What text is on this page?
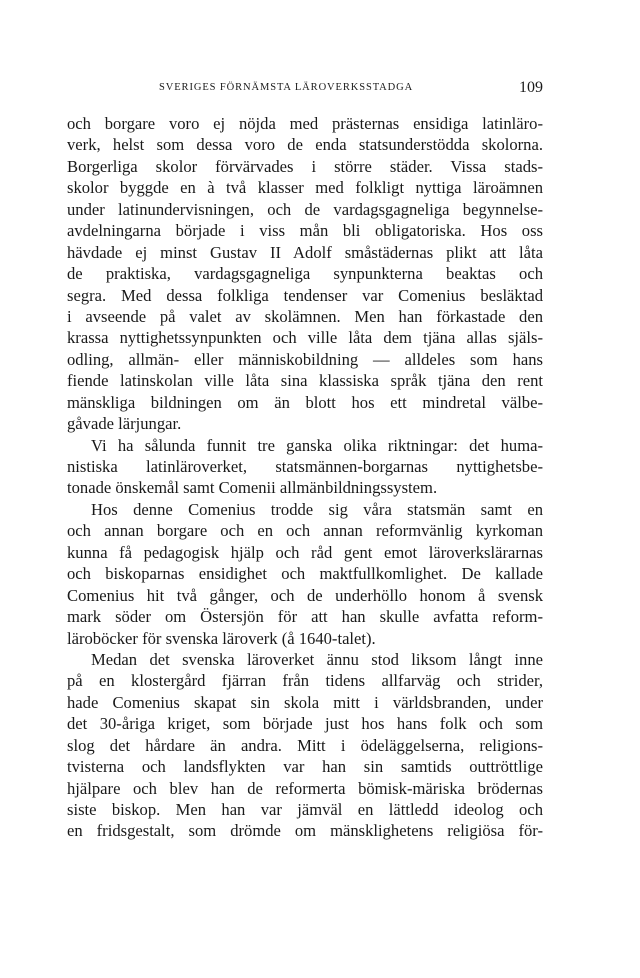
SVERIGES FÖRNÄMSTA LÄROVERKSSTADGA	109
och borgare voro ej nöjda med prästernas ensidiga latinläro-
verk, helst som dessa voro de enda statsunderstödda skolorna.
Borgerliga skolor förvärvades i större städer. Vissa stads-
skolor byggde en à två klasser med folkligt nyttiga läroämnen
under latinundervisningen, och de vardagsgagneliga begynnelse-
avdelningarna började i viss mån bli obligatoriska. Hos oss
hävdade ej minst Gustav II Adolf småstädernas plikt att låta
de praktiska, vardagsgagneliga synpunkterna beaktas och
segra. Med dessa folkliga tendenser var Comenius besläktad
i avseende på valet av skolämnen. Men han förkastade den
krassa nyttighetssynpunkten och ville låta dem tjäna allas själs-
odling, allmän- eller människobildning — alldeles som hans
fiende latinskolan ville låta sina klassiska språk tjäna den rent
mänskliga bildningen om än blott hos ett mindretal välbe-
gåvade lärjungar.
Vi ha sålunda funnit tre ganska olika riktningar: det huma-
nistiska latinläroverket, statsmännen-borgarnas nyttighetsbe-
tonade önskemål samt Comenii allmänbildningssystem.
Hos denne Comenius trodde sig våra statsmän samt en
och annan borgare och en och annan reformvänlig kyrkoman
kunna få pedagogisk hjälp och råd gent emot läroverkslärarnas
och biskoparnas ensidighet och maktfullkomlighet. De kallade
Comenius hit två gånger, och de underhöllo honom å svensk
mark söder om Östersjön för att han skulle avfatta reform-
läroböcker för svenska läroverk (å 1640-talet).
Medan det svenska läroverket ännu stod liksom långt inne
på en klostergård fjärran från tidens allfarväg och strider,
hade Comenius skapat sin skola mitt i världsbranden, under
det 30-åriga kriget, som började just hos hans folk och som
slog det hårdare än andra. Mitt i ödeläggelserna, religions-
tvisterna och landsflykten var han sin samtids outtröttlige
hjälpare och blev han de reformerta bömisk-märiska brödernas
siste biskop. Men han var jämväl en lättledd ideolog och
en fridsgestalt, som drömde om mänsklighetens religiösa för-
